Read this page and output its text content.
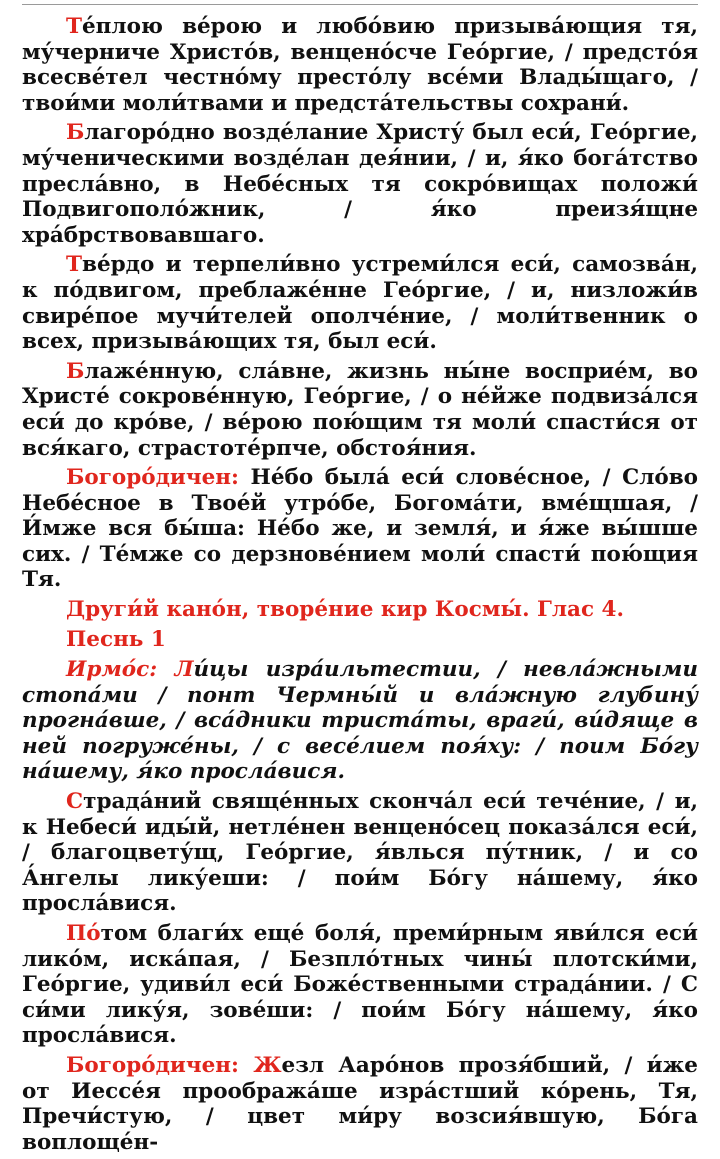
Те́плою ве́рою и любо́вию призыва́ющия тя, му́черниче Христо́в, венцено́сче Гео́ргие, / предсто́я всесве́тел честно́му престо́лу все́ми Влады́щаго, / твои́ми моли́твами и предста́тельствы сохрани́.

Благоро́дно возде́лание Христу́ был еси́, Гео́ргие, му́ченическими возде́лан дея́нии, / и, я́ко бога́тство пресла́вно, в Небе́сных тя сокро́вищах положи́ Подвигополо́жник, / я́ко преизя́щне хра́брствовавшаго.

Тве́рдо и терпели́вно устреми́лся еси́, самозва́н, к по́двигом, преблаже́нне Гео́ргие, / и, низложи́в свире́пое мучи́телей ополче́ние, / моли́твенник о всех, призыва́ющих тя, был еси́.

Блаже́нную, сла́вне, жизнь ны́не восприе́м, во Христе́ сокрове́нную, Гео́ргие, / о не́йже подвиза́лся еси́ до кро́ве, / ве́рою пою́щим тя моли́ спасти́ся от вся́каго, страстоте́рпче, обстоя́ния.

Богоро́дичен: Не́бо была́ еси́ слове́сное, / Сло́во Небе́сное в Твое́й утро́бе, Богома́ти, вме́щшая, / И́мже вся бы́ша: Не́бо же, и земля́, и я́же вы́шше сих. / Те́мже со дерзнове́нием моли́ спасти́ пою́щия Тя.

Други́й кано́н, творе́ние кир Космы́. Глас 4.

Песнь 1

Ирмо́с: Ли́цы изра́ильтестии, / невла́жными стопа́ми / понт Чермны́й и вла́жную глубину́ прогна́вше, / вса́дники триста́ты, враги́, ви́дяще в ней погруже́ны, / с весе́лием поя́ху: / поим Бо́гу на́шему, я́ко просла́вися.

Страда́ний свяще́нных сконча́л еси́ тече́ние, / и, к Небеси́ иды́й, нетле́нен венцено́сец показа́лся еси́, / благоцвету́щ, Гео́ргие, я́влься пу́тник, / и со А́нгелы лику́еши: / пои́м Бо́гу на́шему, я́ко просла́вися.

По́том благи́х еще́ боля́, преми́рным яви́лся еси́ лико́м, иска́пая, / Безпло́тных чины́ плотски́ми, Гео́ргие, удиви́л еси́ Боже́ственными страда́нии. / С си́ми лику́я, зове́ши: / пои́м Бо́гу на́шему, я́ко просла́вися.

Богоро́дичен: Жезл Ааро́нов прозя́бший, / и́же от Иессе́я прообража́ше изра́стший ко́рень, Тя, Пречи́стую, / цвет ми́ру возсия́вшую, Бо́га воплоще́н-
